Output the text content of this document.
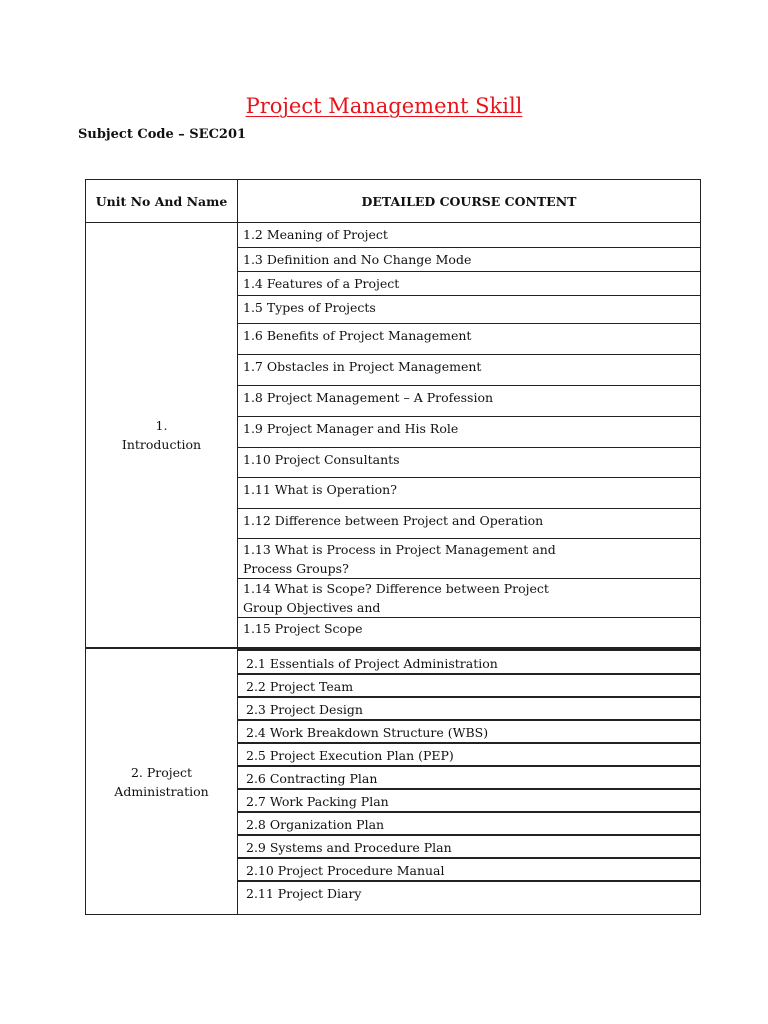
Project Management Skill
Subject Code – SEC201
Unit No And Name	DETAILED COURSE CONTENT

1.
Introduction

1.2 Meaning of Project
1.3 Definition and No Change Mode
1.4 Features of a Project
1.5 Types of Projects
1.6 Benefits of Project Management
1.7 Obstacles in Project Management
1.8 Project Management – A Profession
1.9 Project Manager and His Role
1.10 Project Consultants
1.11 What is Operation?
1.12 Difference between Project and Operation
1.13 What is Process in Project Management and Process Groups?
1.14 What is Scope? Difference between Project Group Objectives and
1.15 Project Scope

2. Project
Administration

2.1 Essentials of Project Administration
2.2 Project Team
2.3 Project Design
2.4 Work Breakdown Structure (WBS)
2.5 Project Execution Plan (PEP)
2.6 Contracting Plan
2.7 Work Packing Plan
2.8 Organization Plan
2.9 Systems and Procedure Plan
2.10 Project Procedure Manual
2.11 Project Diary
